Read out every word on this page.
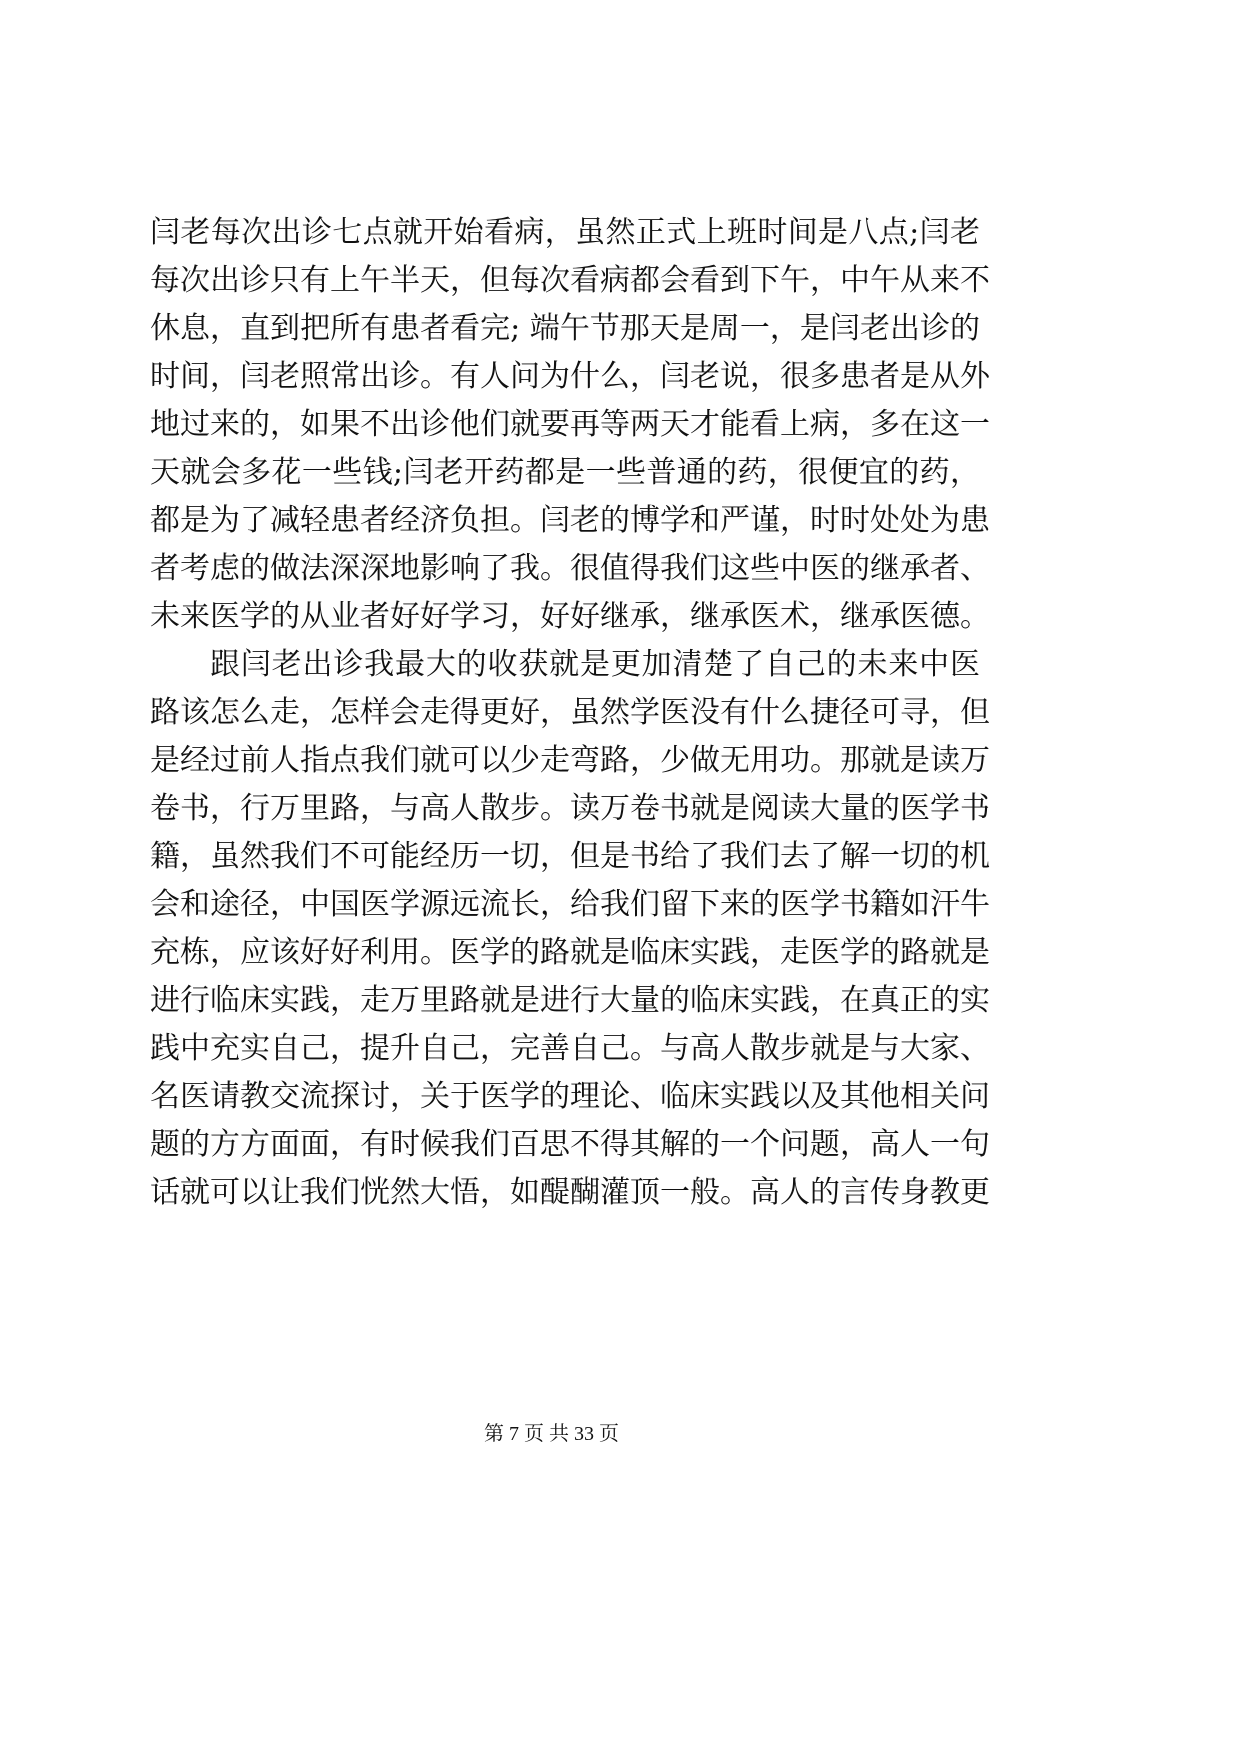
闫老每次出诊七点就开始看病，虽然正式上班时间是八点;闫老
每次出诊只有上午半天，但每次看病都会看到下午，中午从来不
休息，直到把所有患者看完; 端午节那天是周一，是闫老出诊的
时间，闫老照常出诊。有人问为什么，闫老说，很多患者是从外
地过来的，如果不出诊他们就要再等两天才能看上病，多在这一
天就会多花一些钱;闫老开药都是一些普通的药，很便宜的药，
都是为了减轻患者经济负担。闫老的博学和严谨，时时处处为患
者考虑的做法深深地影响了我。很值得我们这些中医的继承者、
未来医学的从业者好好学习，好好继承，继承医术，继承医德。
跟闫老出诊我最大的收获就是更加清楚了自己的未来中医
路该怎么走，怎样会走得更好，虽然学医没有什么捷径可寻，但
是经过前人指点我们就可以少走弯路，少做无用功。那就是读万
卷书，行万里路，与高人散步。读万卷书就是阅读大量的医学书
籍，虽然我们不可能经历一切，但是书给了我们去了解一切的机
会和途径，中国医学源远流长，给我们留下来的医学书籍如汗牛
充栋，应该好好利用。医学的路就是临床实践，走医学的路就是
进行临床实践，走万里路就是进行大量的临床实践，在真正的实
践中充实自己，提升自己，完善自己。与高人散步就是与大家、
名医请教交流探讨，关于医学的理论、临床实践以及其他相关问
题的方方面面，有时候我们百思不得其解的一个问题，高人一句
话就可以让我们恍然大悟，如醍醐灌顶一般。高人的言传身教更
第 7 页 共 33 页
